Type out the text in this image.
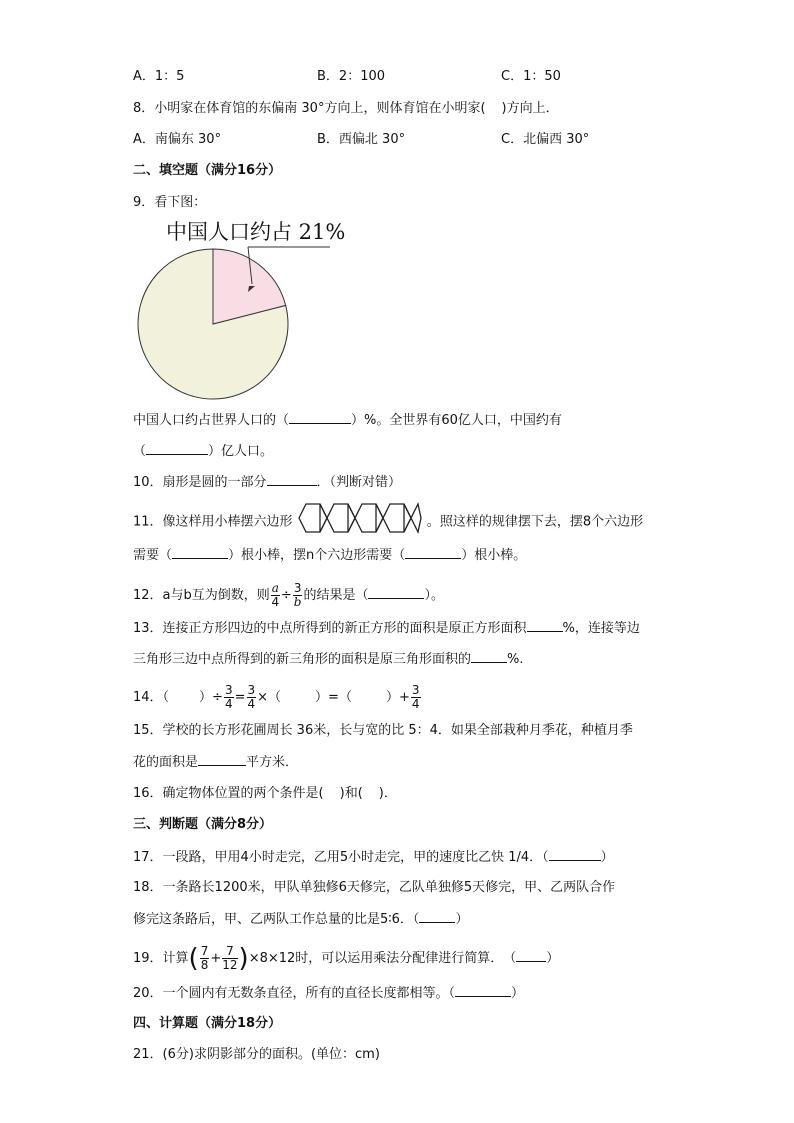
A．1：5	B．2：100	C．1：50
8．小明家在体育馆的东偏南 30°方向上，则体育馆在小明家( )方向上．
A．南偏东 30°	B．西偏北 30°	C．北偏西 30°
二、填空题（满分16分）
9．看下图：
中国人口约占 21%
中国人口约占世界人口的（	）%。全世界有60亿人口，中国约有
（	）亿人口。
10．扇形是圆的一部分	．（判断对错）
11．像这样用小棒摆六边形	。照这样的规律摆下去，摆8个六边形
需要（	）根小棒，摆n个六边形需要（	）根小棒。
12．a与b互为倒数，则 $\frac{a}{4} \div \frac{3}{b}$ 的结果是（	）。
13．连接正方形四边的中点所得到的新正方形的面积是原正方形面积	%，连接等边
三角形三边中点所得到的新三角形的面积是原三角形面积的	%.
14．（ ）÷ $\frac{3}{4} = \frac{3}{4}$ ×（	）=（	）+ $\frac{3}{4}$
15．学校的长方形花圃周长 36米，长与宽的比 5：4．如果全部栽种月季花，种植月季
花的面积是	平方米．
16．确定物体位置的两个条件是( )和( )．
三、判断题（满分8分）
17．一段路，甲用4小时走完，乙用5小时走完，甲的速度比乙快 1/4．（	）
18．一条路长1200米，甲队单独修6天修完，乙队单独修5天修完，甲、乙两队合作
修完这条路后，甲、乙两队工作总量的比是5∶6．（	）
19．计算( $\frac{7}{8} + \frac{7}{12} )\times 8\times 12$时，可以运用乘法分配律进行简算．　（ ）
20．一个圆内有无数条直径，所有的直径长度都相等。（	）
四、计算题（满分18分）
21．(6分)求阴影部分的面积。(单位：cm)
